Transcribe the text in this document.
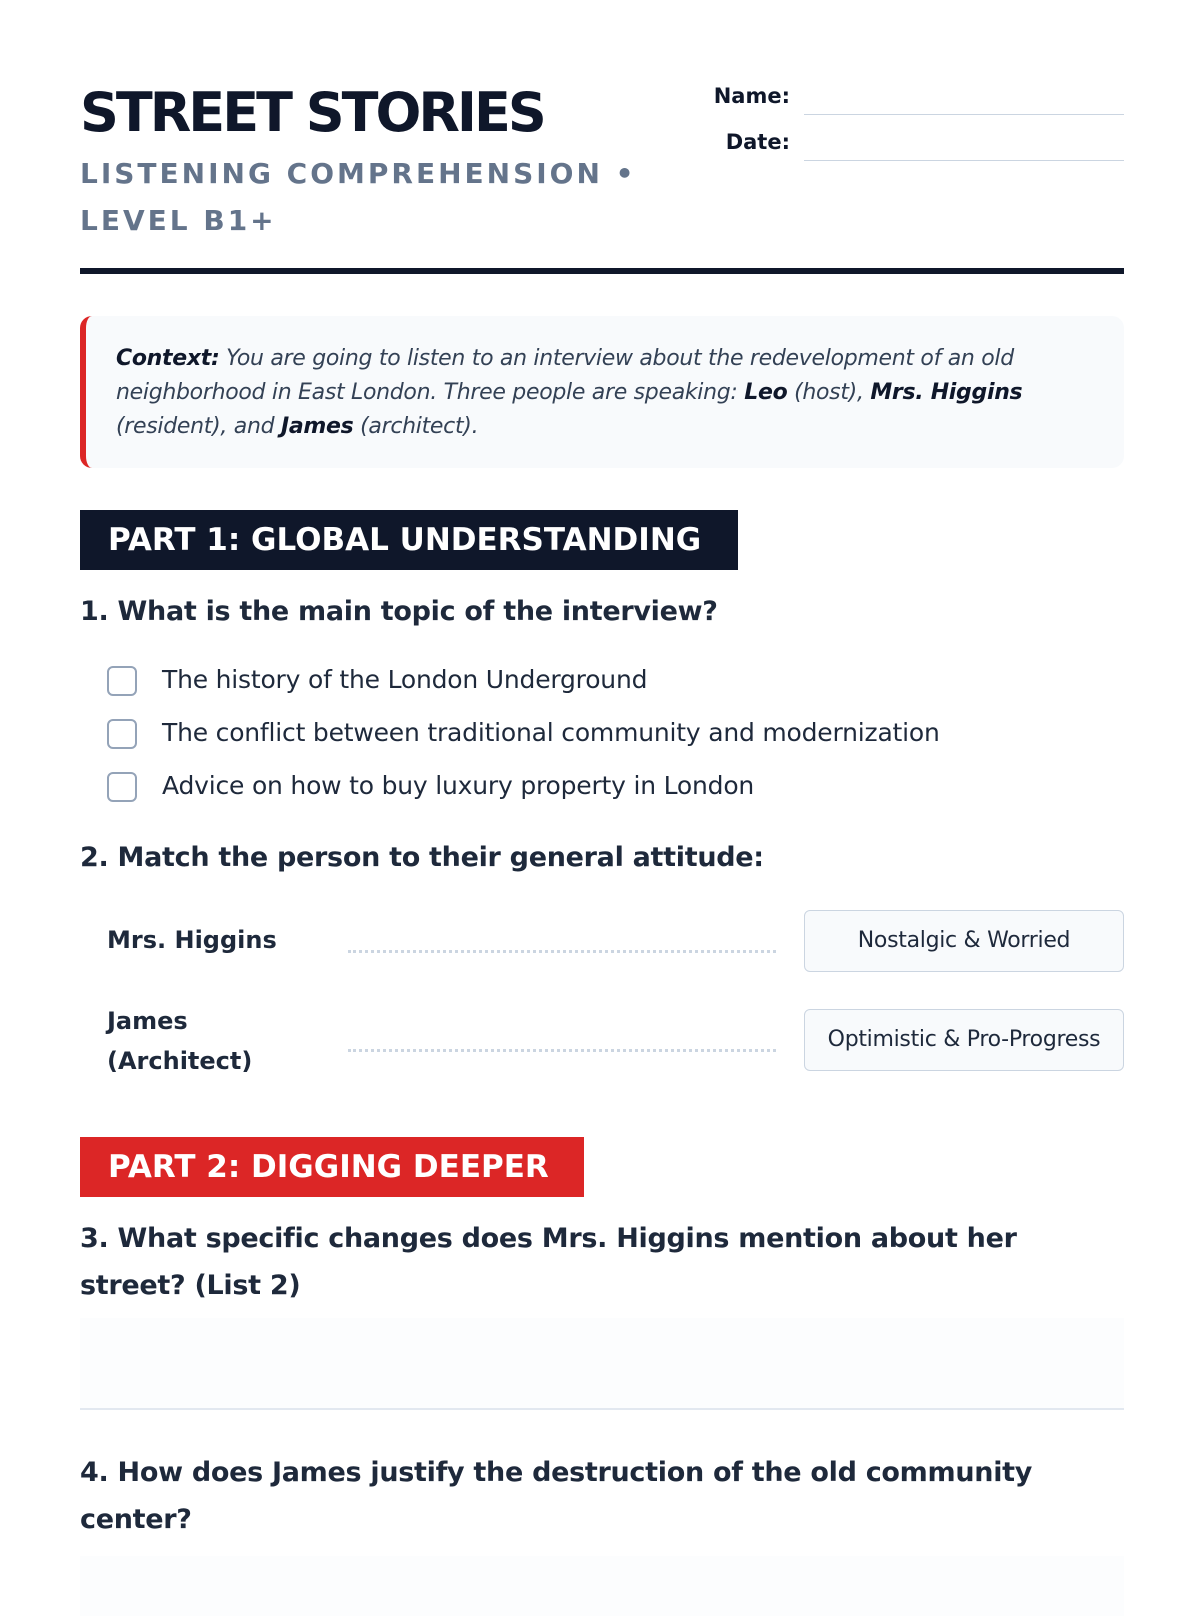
STREET STORIES
LISTENING COMPREHENSION • LEVEL B1+
Name:
Date:

Context: You are going to listen to an interview about the redevelopment of an old neighborhood in East London. Three people are speaking: Leo (host), Mrs. Higgins (resident), and James (architect).

PART 1: GLOBAL UNDERSTANDING
1. What is the main topic of the interview?
The history of the London Underground
The conflict between traditional community and modernization
Advice on how to buy luxury property in London
2. Match the person to their general attitude:
Mrs. Higgins	Nostalgic & Worried
James (Architect)
Optimistic & Pro-Progress
PART 2: DIGGING DEEPER
3. What specific changes does Mrs. Higgins mention about her street? (List 2)
4. How does James justify the destruction of the old community center?
